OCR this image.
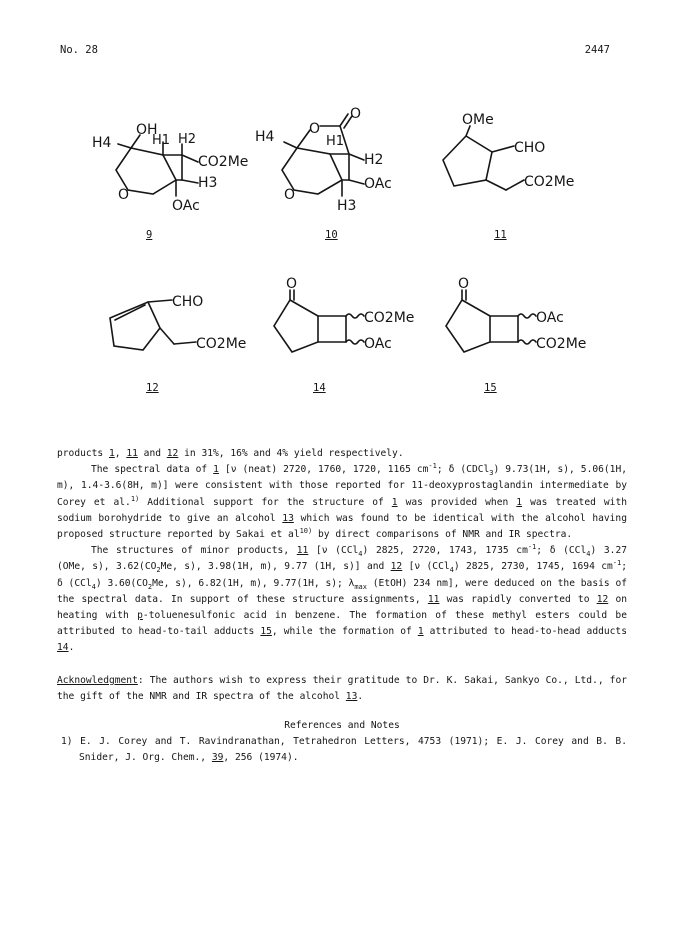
No. 28	2447
H4
OH
H1 H2
CO2Me
H3
O
OAc
H4 O
O
H1
H2
OAc
O
H3
OMe
CHO
CO2Me
CHO
CO2Me
O
CO2Me
OAc
O
OAc
CO2Me
9	10	11
12	14	15

products 1, 11 and 12 in 31%, 16% and 4% yield respectively.

The spectral data of 1 [ν (neat) 2720, 1760, 1720, 1165 $cm^{-1}$; δ (CDCl$_3$) 9.73(1H, s), 5.06(1H, m), 1.4-3.6(8H, m)] were consistent with those reported for 11-deoxyprostaglandin intermediate by Corey et al.$^{1)}$ Additional support for the structure of 1 was provided when 1 was treated with sodium borohydride to give an alcohol 13 which was found to be identical with the alcohol having proposed structure reported by Sakai et $al^{10)}$ by direct comparisons of NMR and IR spectra.

The structures of minor products, 11 [ν (CCl$_4$) 2825, 2720, 1743, 1735 $cm^{-1}$; δ (CCl$_4$) 3.27 (OMe, s), $3.62(CO_2Me$, s), 3.98(1H, m), 9.77 (1H, s)] and 12 [ν (CCl$_4$) 2825, 2730, 1745, 1694 $cm^{-1}$; δ (CCl$_4$) $3.60(CO_2Me$, s), 6.82(1H, m), 9.77(1H, s); $\lambda_{max}$ (EtOH) 234 nm], were deduced on the basis of the spectral data. In support of these structure assignments, 11 was rapidly converted to 12 on heating with p-toluenesulfonic acid in benzene. The formation of these methyl esters could be attributed to head-to-tail adducts 15, while the formation of 1 attributed to head-to-head adducts 14.

Acknowledgment: The authors wish to express their gratitude to Dr. K. Sakai, Sankyo Co., Ltd., for the gift of the NMR and IR spectra of the alcohol 13.

References and Notes

1) E. J. Corey and T. Ravindranathan, Tetrahedron Letters, 4753 (1971); E. J. Corey and B. B. Snider, J. Org. Chem., 39, 256 (1974).
